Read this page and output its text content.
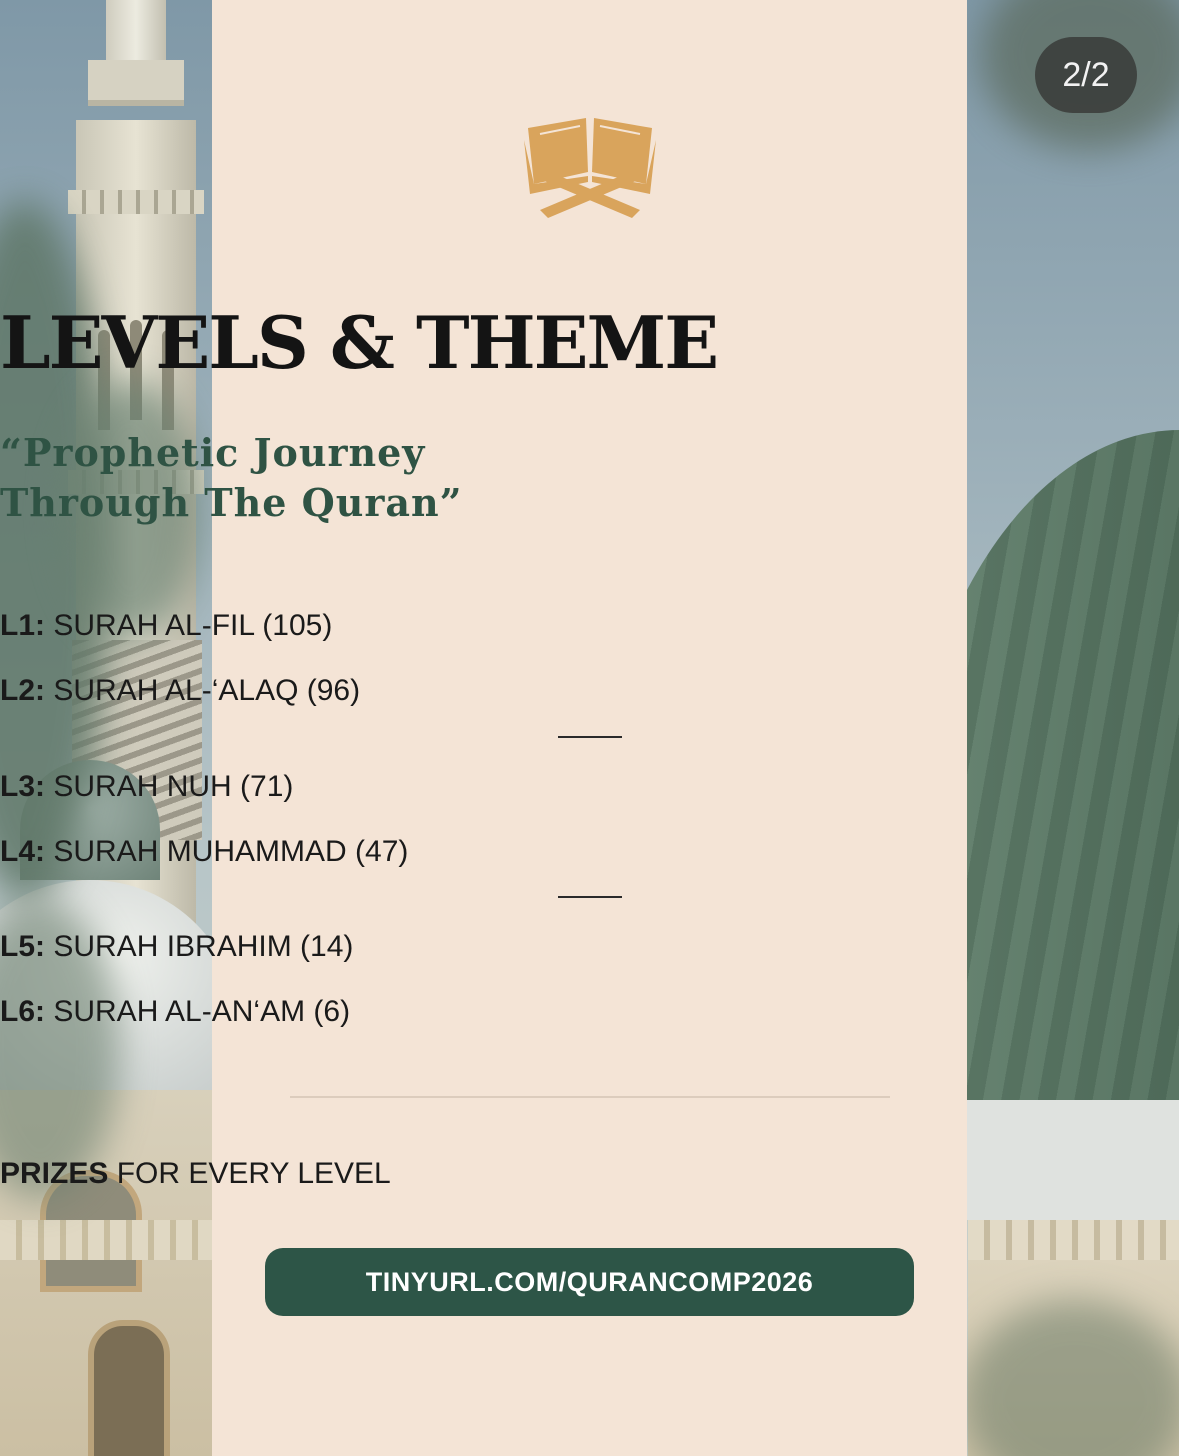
LEVELS & THEME
“Prophetic Journey
Through The Quran”
L1: SURAH AL-FIL (105)
L2: SURAH AL-‘ALAQ (96)
L3: SURAH NUH (71)
L4: SURAH MUHAMMAD (47)
L5: SURAH IBRAHIM (14)
L6: SURAH AL-AN‘AM (6)
PRIZES FOR EVERY LEVEL
TINYURL.COM/QURANCOMP2026
2/2
